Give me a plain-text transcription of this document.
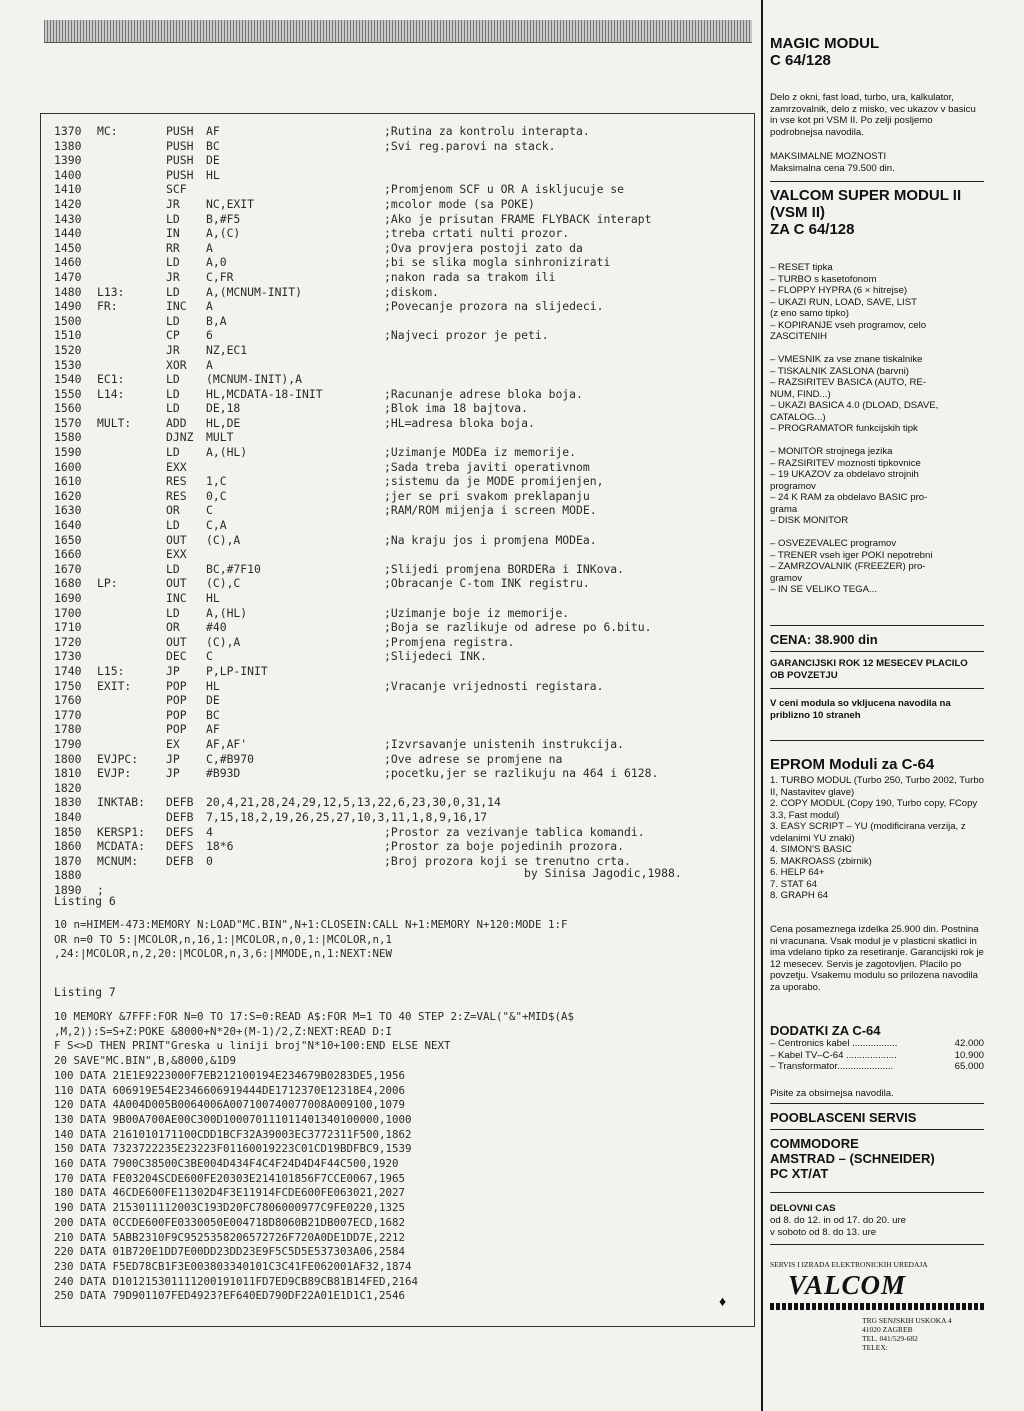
1370 MC:	PUSH AF	;Rutina za kontrolu interapta.
1380	PUSH BC	;Svi reg.parovi na stack.
1390	PUSH DE
1400	PUSH HL
1410	SCF	;Promjenom SCF u OR A iskljucuje se
1420	JR NC,EXIT	;mcolor mode (sa POKE)
1430	LD B,#F5	;Ako je prisutan FRAME FLYBACK interapt
1440	IN A,(C)	;treba crtati nulti prozor.
1450	RR A	;Ova provjera postoji zato da
1460	LD A,0	;bi se slika mogla sinhronizirati
1470	JR C,FR	;nakon rada sa trakom ili
1480 L13:	LD A,(MCNUM-INIT)	;diskom.
1490 FR:	INC A	;Povecanje prozora na slijedeci.
1500	LD B,A
1510	CP 6	;Najveci prozor je peti.
1520	JR NZ,EC1
1530	XOR A
1540 EC1:	LD (MCNUM-INIT),A
1550 L14:	LD HL,MCDATA-18-INIT	;Racunanje adrese bloka boja.
1560	LD DE,18	;Blok ima 18 bajtova.
1570 MULT:	ADD HL,DE	;HL=adresa bloka boja.
1580	DJNZ MULT
1590	LD A,(HL)	;Uzimanje MODEa iz memorije.
1600	EXX	;Sada treba javiti operativnom
1610	RES 1,C	;sistemu da je MODE promijenjen,
1620	RES 0,C	;jer se pri svakom preklapanju
1630	OR C	;RAM/ROM mijenja i screen MODE.
1640	LD C,A
1650	OUT (C),A	;Na kraju jos i promjena MODEa.
1660	EXX
1670	LD BC,#7F10	;Slijedi promjena BORDERa i INKova.
1680 LP:	OUT (C),C	;Obracanje C-tom INK registru.
1690	INC HL
1700	LD A,(HL)	;Uzimanje boje iz memorije.
1710	OR #40	;Boja se razlikuje od adrese po 6.bitu.
1720	OUT (C),A	;Promjena registra.
1730	DEC C	;Slijedeci INK.
1740 L15:	JP P,LP-INIT
1750 EXIT:	POP HL	;Vracanje vrijednosti registara.
1760	POP DE
1770	POP BC
1780	POP AF
1790	EX AF,AF'	;Izvrsavanje unistenih instrukcija.
1800 EVJPC: JP C,#B970	;Ove adrese se promjene na
1810 EVJP:	JP #B93D	;pocetku,jer se razlikuju na 464 i 6128.
1820
1830 INKTAB: DEFB 20,4,21,28,24,29,12,5,13,22,6,23,30,0,31,14
1840	DEFB 7,15,18,2,19,26,25,27,10,3,11,1,8,9,16,17
1850 KERSP1: DEFS 4	;Prostor za vezivanje tablica komandi.
1860 MCDATA: DEFS 18*6	;Prostor za boje pojedinih prozora.
1870 MCNUM: DEFB 0	;Broj prozora koji se trenutno crta.
1880
1890 ;
by Sinisa Jagodic,1988.
Listing 6
10 n=HIMEM-473:MEMORY N:LOAD"MC.BIN",N+1:CLOSEIN:CALL N+1:MEMORY N+120:MODE 1:F
OR n=0 TO 5:|MCOLOR,n,16,1:|MCOLOR,n,0,1:|MCOLOR,n,1
,24:|MCOLOR,n,2,20:|MCOLOR,n,3,6:|MMODE,n,1:NEXT:NEW
Listing 7
10 MEMORY &7FFF:FOR N=0 TO 17:S=0:READ A$:FOR M=1 TO 40 STEP 2:Z=VAL("&"+MID$(A$
,M,2)):S=S+Z:POKE &8000+N*20+(M-1)/2,Z:NEXT:READ D:I
F S<>D THEN PRINT"Greska u liniji broj"N*10+100:END ELSE NEXT
20 SAVE"MC.BIN",B,&8000,&1D9
100 DATA 21E1E9223000F7EB212100194E234679B0283DE5,1956
110 DATA 606919E54E2346606919444DE1712370E12318E4,2006
120 DATA 4A004D005B0064006A007100740077008A009100,1079
130 DATA 9B00A700AE00C300D100070111011401340100000,1000
140 DATA 2161010171100CDD1BCF32A39003EC3772311F500,1862
150 DATA 7323722235E23223F01160019223C01CD19BDFBC9,1539
160 DATA 7900C38500C3BE004D434F4C4F24D4D4F44C500,1920
170 DATA FE03204SCDE600FE20303E214101856F7CCE0067,1965
180 DATA 46CDE600FE11302D4F3E11914FCDE600FE063021,2027
190 DATA 2153011112003C193D20FC7806000977C9FE0220,1325
200 DATA 0CCDE600FE0330050E004718D8060B21DB007ECD,1682
210 DATA 5ABB2310F9C9525358206572726F720A0DE1DD7E,2212
220 DATA 01B720E1DD7E00DD23DD23E9F5C5D5E537303A06,2584
230 DATA F5ED78CB1F3E003803340101C3C41FE062001AF32,1874
240 DATA D101215301111200191011FD7ED9CB89CB81B14FED,2164
250 DATA 79D901107FED4923?EF640ED790DF22A01E1D1C1,2546	♦
MAGIC MODUL
C 64/128
Delo z okni, fast load, turbo, ura, kalkulator, zamrzovalnik, delo z misko, vec ukazov v basicu in vse kot pri VSM II. Po zelji posljemo podrobnejsa navodila.
MAKSIMALNE MOZNOSTI
Maksimalna cena 79.500 din.
VALCOM SUPER MODUL II
(VSM II)
ZA C 64/128
– RESET tipka
– TURBO s kasetofonom
– FLOPPY HYPRA (6 × hitrejse)
– UKAZI RUN, LOAD, SAVE, LIST
(z eno samo tipko)
– KOPIRANJE vseh programov, celo
ZASCITENIH

– VMESNIK za vse znane tiskalnike
– TISKALNIK ZASLONA (barvni)
– RAZSIRITEV BASICA (AUTO, RE-
NUM, FIND...)
– UKAZI BASICA 4.0 (DLOAD, DSAVE,
CATALOG...)
– PROGRAMATOR funkcijskih tipk

– MONITOR strojnega jezika
– RAZSIRITEV moznosti tipkovnice
– 19 UKAZOV za obdelavo strojnih
programov
– 24 K RAM za obdelavo BASIC pro-
grama
– DISK MONITOR

– OSVEZEVALEC programov
– TRENER vseh iger POKI nepotrebni
– ZAMRZOVALNIK (FREEZER) pro-
gramov
– IN SE VELIKO TEGA...
CENA: 38.900 din
GARANCIJSKI ROK 12 MESECEV PLACILO OB POVZETJU
V ceni modula so vkljucena navodila na priblizno 10 straneh
EPROM Moduli za C-64
1. TURBO MODUL (Turbo 250, Turbo 2002, Turbo II, Nastavitev glave)
2. COPY MODUL (Copy 190, Turbo copy, FCopy 3.3, Fast modul)
3. EASY SCRIPT – YU (modificirana verzija, z vdelanimi YU znaki)
4. SIMON'S BASIC
5. MAKROASS (zbirnik)
6. HELP 64+
7. STAT 64
8. GRAPH 64
Cena posameznega izdelka 25.900 din. Postnina ni vracunana. Vsak modul je v plasticni skatlici in ima vdelano tipko za resetiranje. Garancijski rok je 12 mesecev. Servis je zagotovljen. Placilo po povzetju. Vsakemu modulu so prilozena navodila za uporabo.
DODATKI ZA C-64
– Centronics kabel .................	42.000
– Kabel TV–C-64 ...................	10.900
– Transformator.....................	65.000
Pisite za obsirnejsa navodila.
POOBLASCENI SERVIS
COMMODORE
AMSTRAD – (SCHNEIDER)
PC XT/AT
DELOVNI CAS
od 8. do 12. in od 17. do 20. ure
v soboto od 8. do 13. ure
SERVIS I IZRADA ELEKTRONICKIH UREDAJA
VALCOM
TRG SENJSKIH USKOKA 4
41020 ZAGREB
TEL. 041/529-682
TELEX:
